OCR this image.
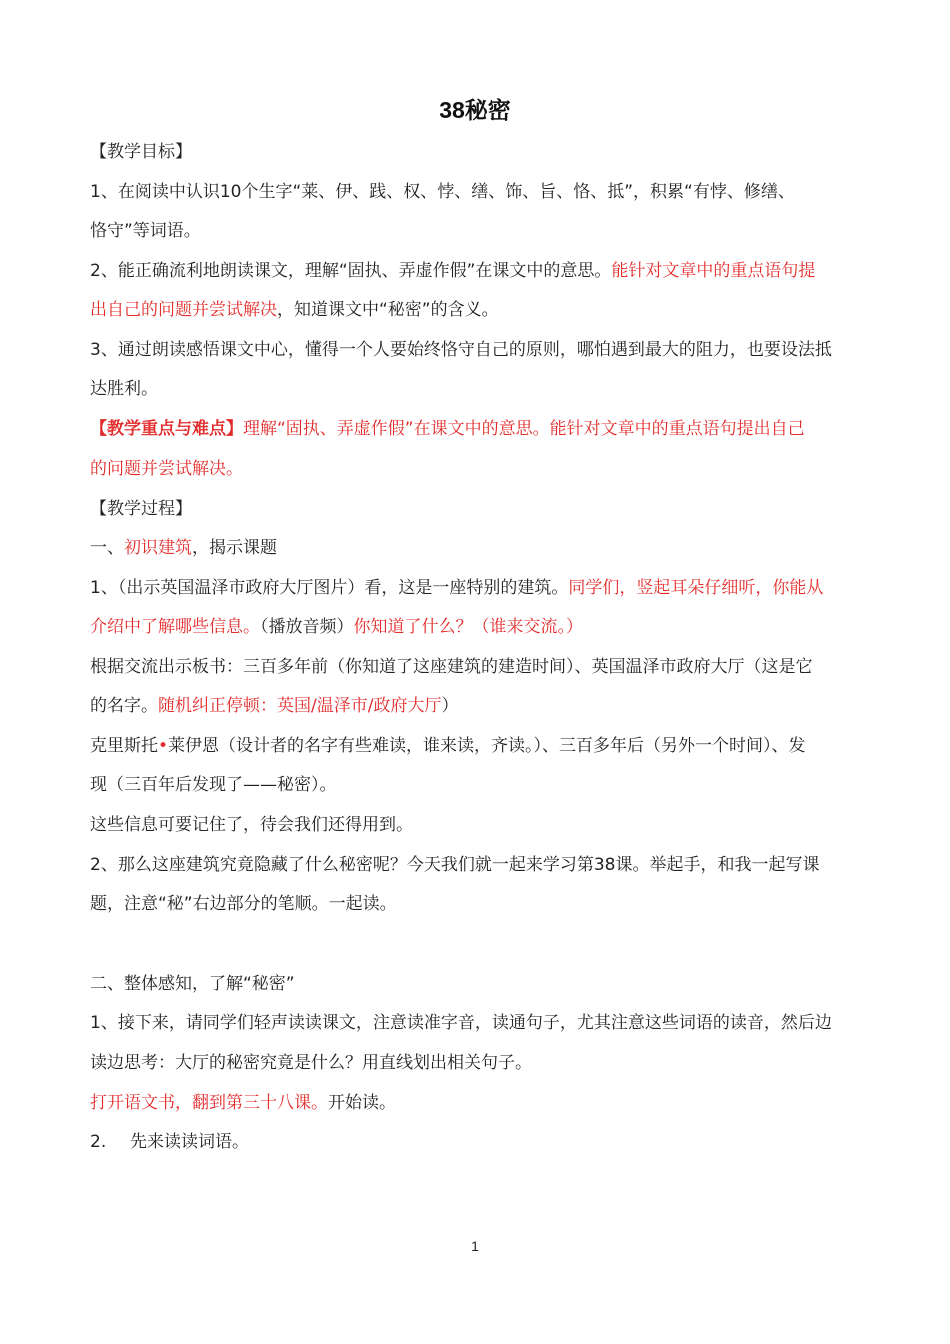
38秘密
【教学目标】
1、在阅读中认识10个生字“莱、伊、践、权、悖、缮、饰、旨、恪、抵”，积累“有悖、修缮、
恪守”等词语。
2、能正确流利地朗读课文，理解“固执、弄虚作假”在课文中的意思。能针对文章中的重点语句提
出自己的问题并尝试解决，知道课文中“秘密”的含义。
3、通过朗读感悟课文中心，懂得一个人要始终恪守自己的原则，哪怕遇到最大的阻力，也要设法抵
达胜利。
【教学重点与难点】理解“固执、弄虚作假”在课文中的意思。能针对文章中的重点语句提出自己
的问题并尝试解决。
【教学过程】
一、初识建筑，揭示课题
1、（出示英国温泽市政府大厅图片）看，这是一座特别的建筑。同学们，竖起耳朵仔细听，你能从
介绍中了解哪些信息。（播放音频）你知道了什么？（谁来交流。）
根据交流出示板书：三百多年前（你知道了这座建筑的建造时间）、英国温泽市政府大厅（这是它
的名字。随机纠正停顿：英国/温泽市/政府大厅）
克里斯托•莱伊恩（设计者的名字有些难读，谁来读，齐读。）、三百多年后（另外一个时间）、发
现（三百年后发现了——秘密）。
这些信息可要记住了，待会我们还得用到。
2、那么这座建筑究竟隐藏了什么秘密呢？今天我们就一起来学习第38课。举起手，和我一起写课
题，注意“秘”右边部分的笔顺。一起读。
二、整体感知，了解“秘密”
1、接下来，请同学们轻声读读课文，注意读准字音，读通句子，尤其注意这些词语的读音，然后边
读边思考：大厅的秘密究竟是什么？用直线划出相关句子。
打开语文书，翻到第三十八课。开始读。
2. 先来读读词语。
1
